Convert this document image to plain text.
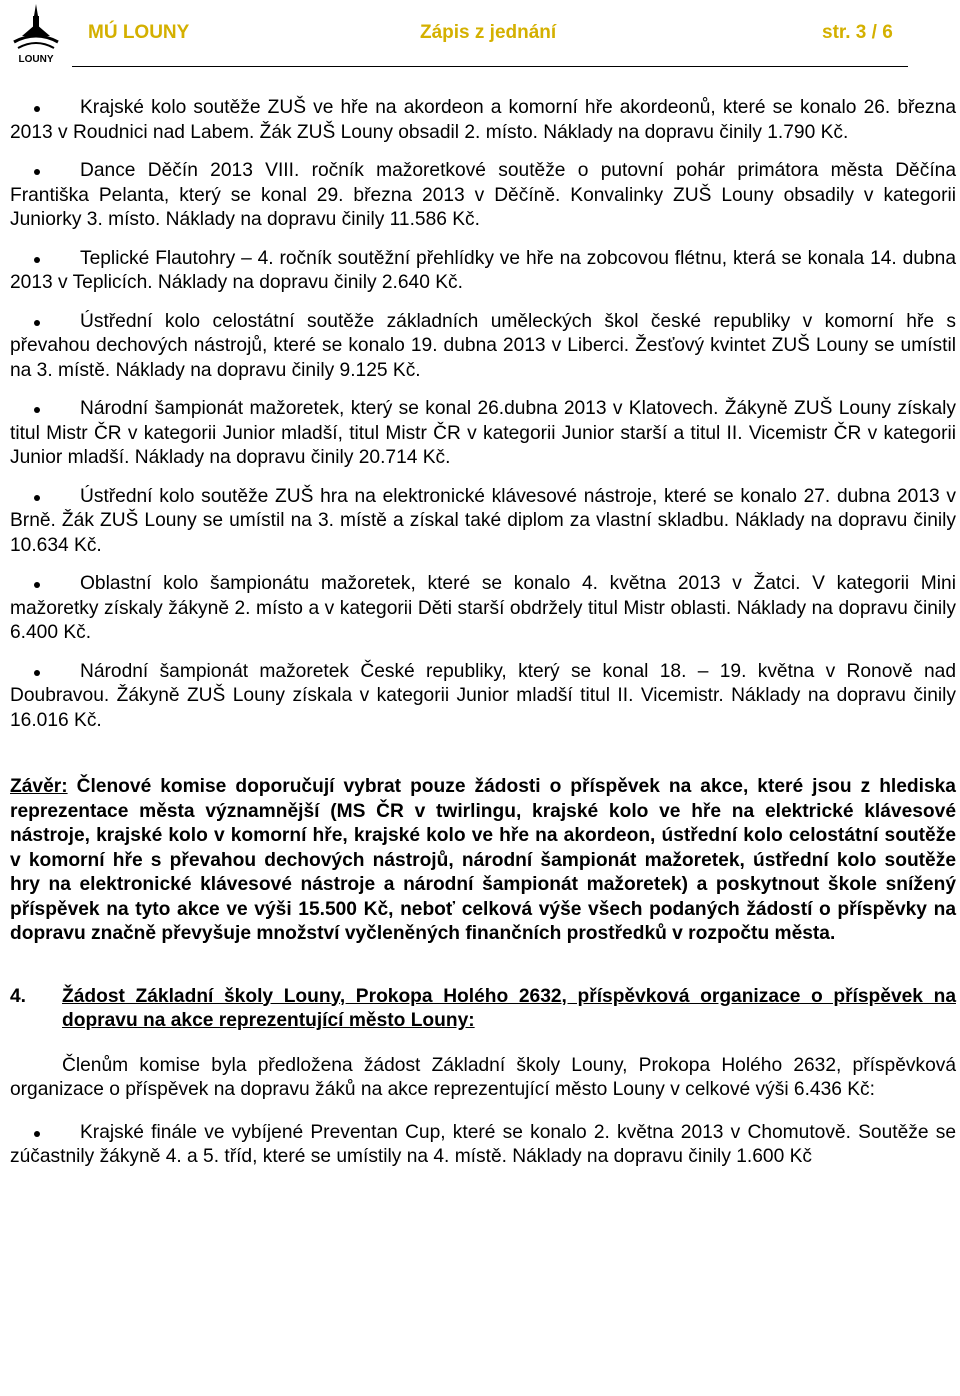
LOUNY
MÚ LOUNY	Zápis z jednání	str. 3 / 6
Krajské kolo soutěže ZUŠ ve hře na akordeon a komorní hře akordeonů, které se konalo 26. března 2013 v Roudnici nad Labem. Žák ZUŠ Louny obsadil 2. místo. Náklady na dopravu činily 1.790 Kč.
Dance Děčín 2013 VIII. ročník mažoretkové soutěže o putovní pohár primátora města Děčína Františka Pelanta, který se konal 29. března 2013 v Děčíně. Konvalinky ZUŠ Louny obsadily v kategorii Juniorky 3. místo. Náklady na dopravu činily 11.586 Kč.
Teplické Flautohry – 4. ročník soutěžní přehlídky ve hře na zobcovou flétnu, která se konala 14. dubna 2013 v Teplicích. Náklady na dopravu činily 2.640 Kč.
Ústřední kolo celostátní soutěže základních uměleckých škol české republiky v komorní hře s převahou dechových nástrojů, které se konalo 19. dubna 2013 v Liberci. Žesťový kvintet ZUŠ Louny se umístil na 3. místě. Náklady na dopravu činily 9.125 Kč.
Národní šampionát mažoretek, který se konal 26.dubna 2013 v Klatovech. Žákyně ZUŠ Louny získaly titul Mistr ČR v kategorii Junior mladší, titul Mistr ČR v kategorii Junior starší a titul II. Vicemistr ČR v kategorii Junior mladší. Náklady na dopravu činily 20.714 Kč.
Ústřední kolo soutěže ZUŠ hra na elektronické klávesové nástroje, které se konalo 27. dubna 2013 v Brně. Žák ZUŠ Louny se umístil na 3. místě a získal také diplom za vlastní skladbu. Náklady na dopravu činily 10.634 Kč.
Oblastní kolo šampionátu mažoretek, které se konalo 4. května 2013 v Žatci. V kategorii Mini mažoretky získaly žákyně 2. místo a v kategorii Děti starší obdržely titul Mistr oblasti. Náklady na dopravu činily 6.400 Kč.
Národní šampionát mažoretek České republiky, který se konal 18. – 19. května v Ronově nad Doubravou. Žákyně ZUŠ Louny získala v kategorii Junior mladší titul II. Vicemistr. Náklady na dopravu činily 16.016 Kč.
Závěr: Členové komise doporučují vybrat pouze žádosti o příspěvek na akce, které jsou z hlediska reprezentace města významnější (MS ČR v twirlingu, krajské kolo ve hře na elektrické klávesové nástroje, krajské kolo v komorní hře, krajské kolo ve hře na akordeon, ústřední kolo celostátní soutěže v komorní hře s převahou dechových nástrojů, národní šampionát mažoretek, ústřední kolo soutěže hry na elektronické klávesové nástroje a národní šampionát mažoretek) a poskytnout škole snížený příspěvek na tyto akce ve výši 15.500 Kč, neboť celková výše všech podaných žádostí o příspěvky na dopravu značně převyšuje množství vyčleněných finančních prostředků v rozpočtu města.
4. Žádost Základní školy Louny, Prokopa Holého 2632, příspěvková organizace o příspěvek na dopravu na akce reprezentující město Louny:
Členům komise byla předložena žádost Základní školy Louny, Prokopa Holého 2632, příspěvková organizace o příspěvek na dopravu žáků na akce reprezentující město Louny v celkové výši 6.436 Kč:
Krajské finále ve vybíjené Preventan Cup, které se konalo 2. května 2013 v Chomutově. Soutěže se zúčastnily žákyně 4. a 5. tříd, které se umístily na 4. místě. Náklady na dopravu činily 1.600 Kč
